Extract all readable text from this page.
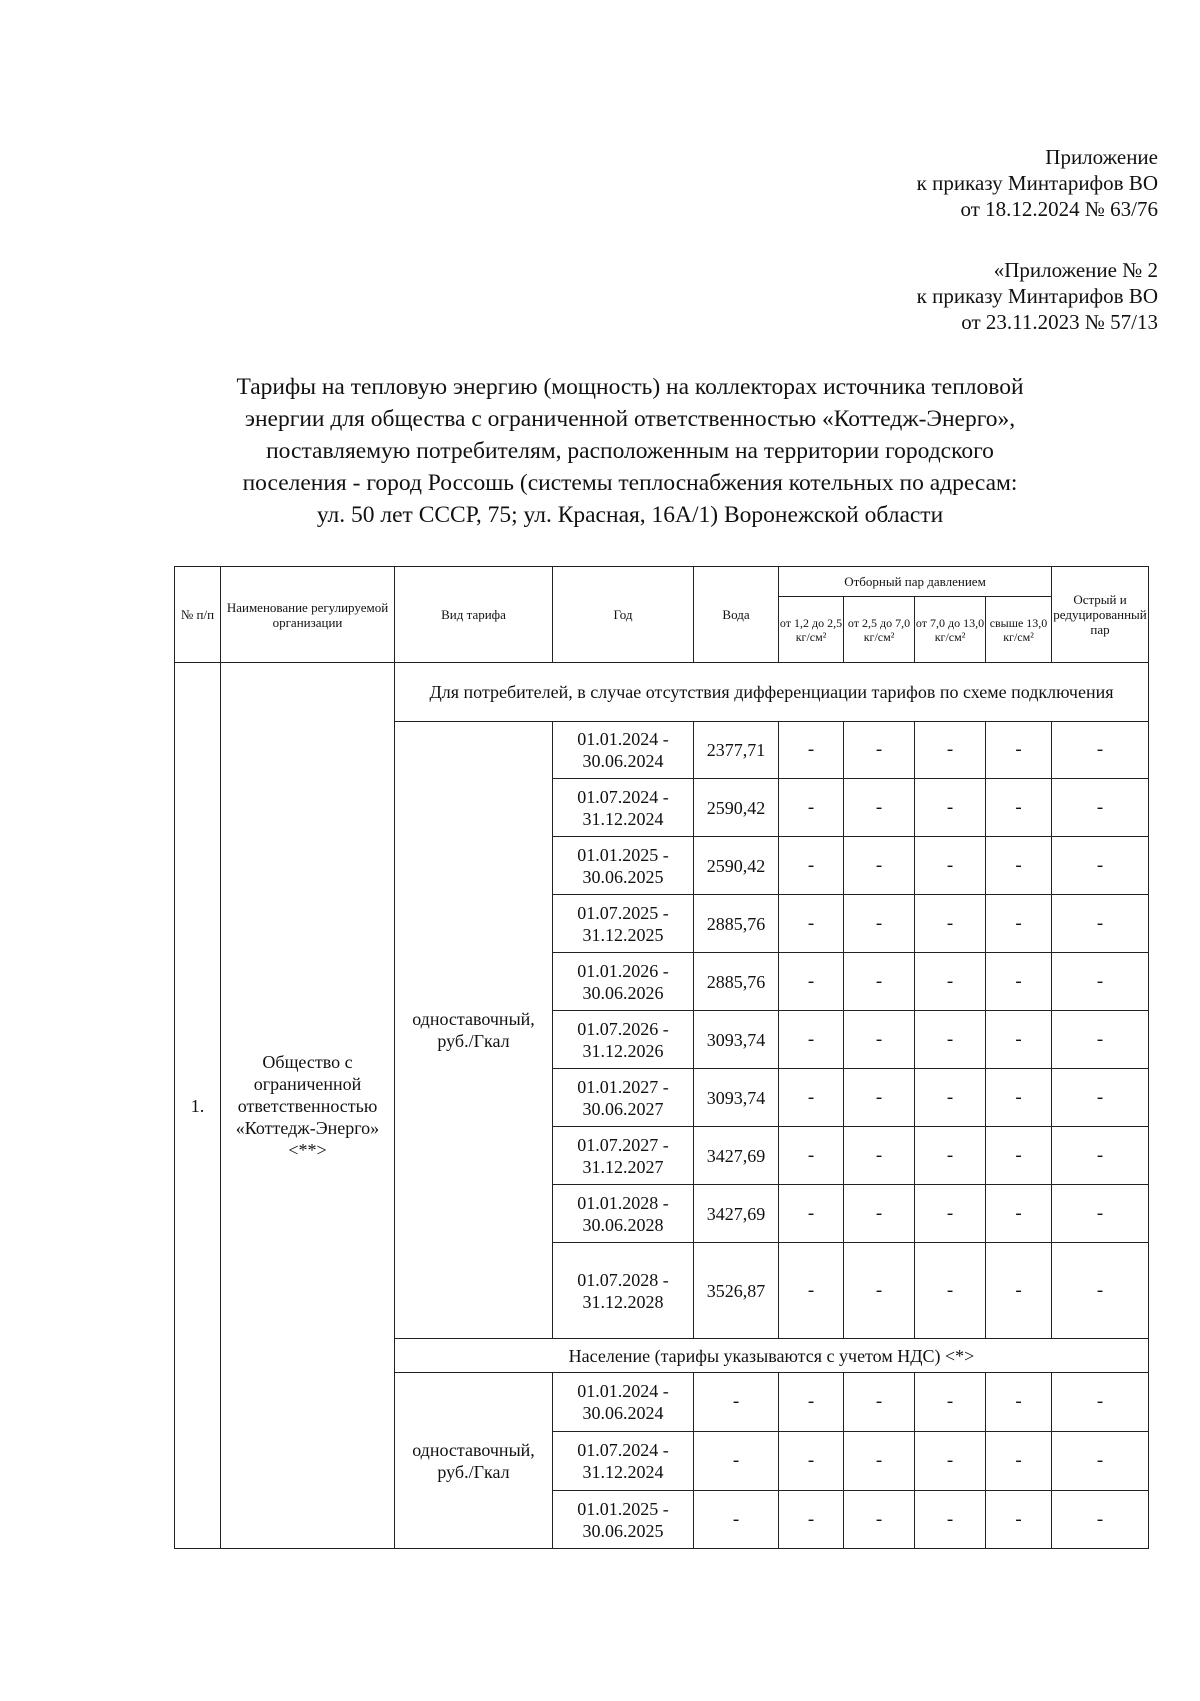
Приложение
к приказу Минтарифов ВО
от 18.12.2024 № 63/76
«Приложение № 2
к приказу Минтарифов ВО
от 23.11.2023 № 57/13
Тарифы на тепловую энергию (мощность) на коллекторах источника тепловой
энергии для общества с ограниченной ответственностью «Коттедж-Энерго»,
поставляемую потребителям, расположенным на территории городского
поселения - город Россошь (системы теплоснабжения котельных по адресам:
ул. 50 лет СССР, 75; ул. Красная, 16А/1) Воронежской области
№ п/п	Наименование регулируемой организации	Вид тарифа	Год	Вода	Отборный пар давлением				Острый и редуцированный пар
					от 1,2 до 2,5 кг/см²	от 2,5 до 7,0 кг/см²	от 7,0 до 13,0 кг/см²	свыше 13,0 кг/см²	
1.	Общество с ограниченной ответственностью «Коттедж-Энерго» <**>	Для потребителей, в случае отсутствия дифференциации тарифов по схеме подключения							
		одноставочный, руб./Гкал	01.01.2024 - 30.06.2024	2377,71	-	-	-	-	-
			01.07.2024 - 31.12.2024	2590,42	-	-	-	-	-
			01.01.2025 - 30.06.2025	2590,42	-	-	-	-	-
			01.07.2025 - 31.12.2025	2885,76	-	-	-	-	-
			01.01.2026 - 30.06.2026	2885,76	-	-	-	-	-
			01.07.2026 - 31.12.2026	3093,74	-	-	-	-	-
			01.01.2027 - 30.06.2027	3093,74	-	-	-	-	-
			01.07.2027 - 31.12.2027	3427,69	-	-	-	-	-
			01.01.2028 - 30.06.2028	3427,69	-	-	-	-	-
			01.07.2028 - 31.12.2028	3526,87	-	-	-	-	-
		Население (тарифы указываются с учетом НДС) <*>							
		одноставочный, руб./Гкал	01.01.2024 - 30.06.2024	-	-	-	-	-	-
			01.07.2024 - 31.12.2024	-	-	-	-	-	-
			01.01.2025 - 30.06.2025	-	-	-	-	-	-
